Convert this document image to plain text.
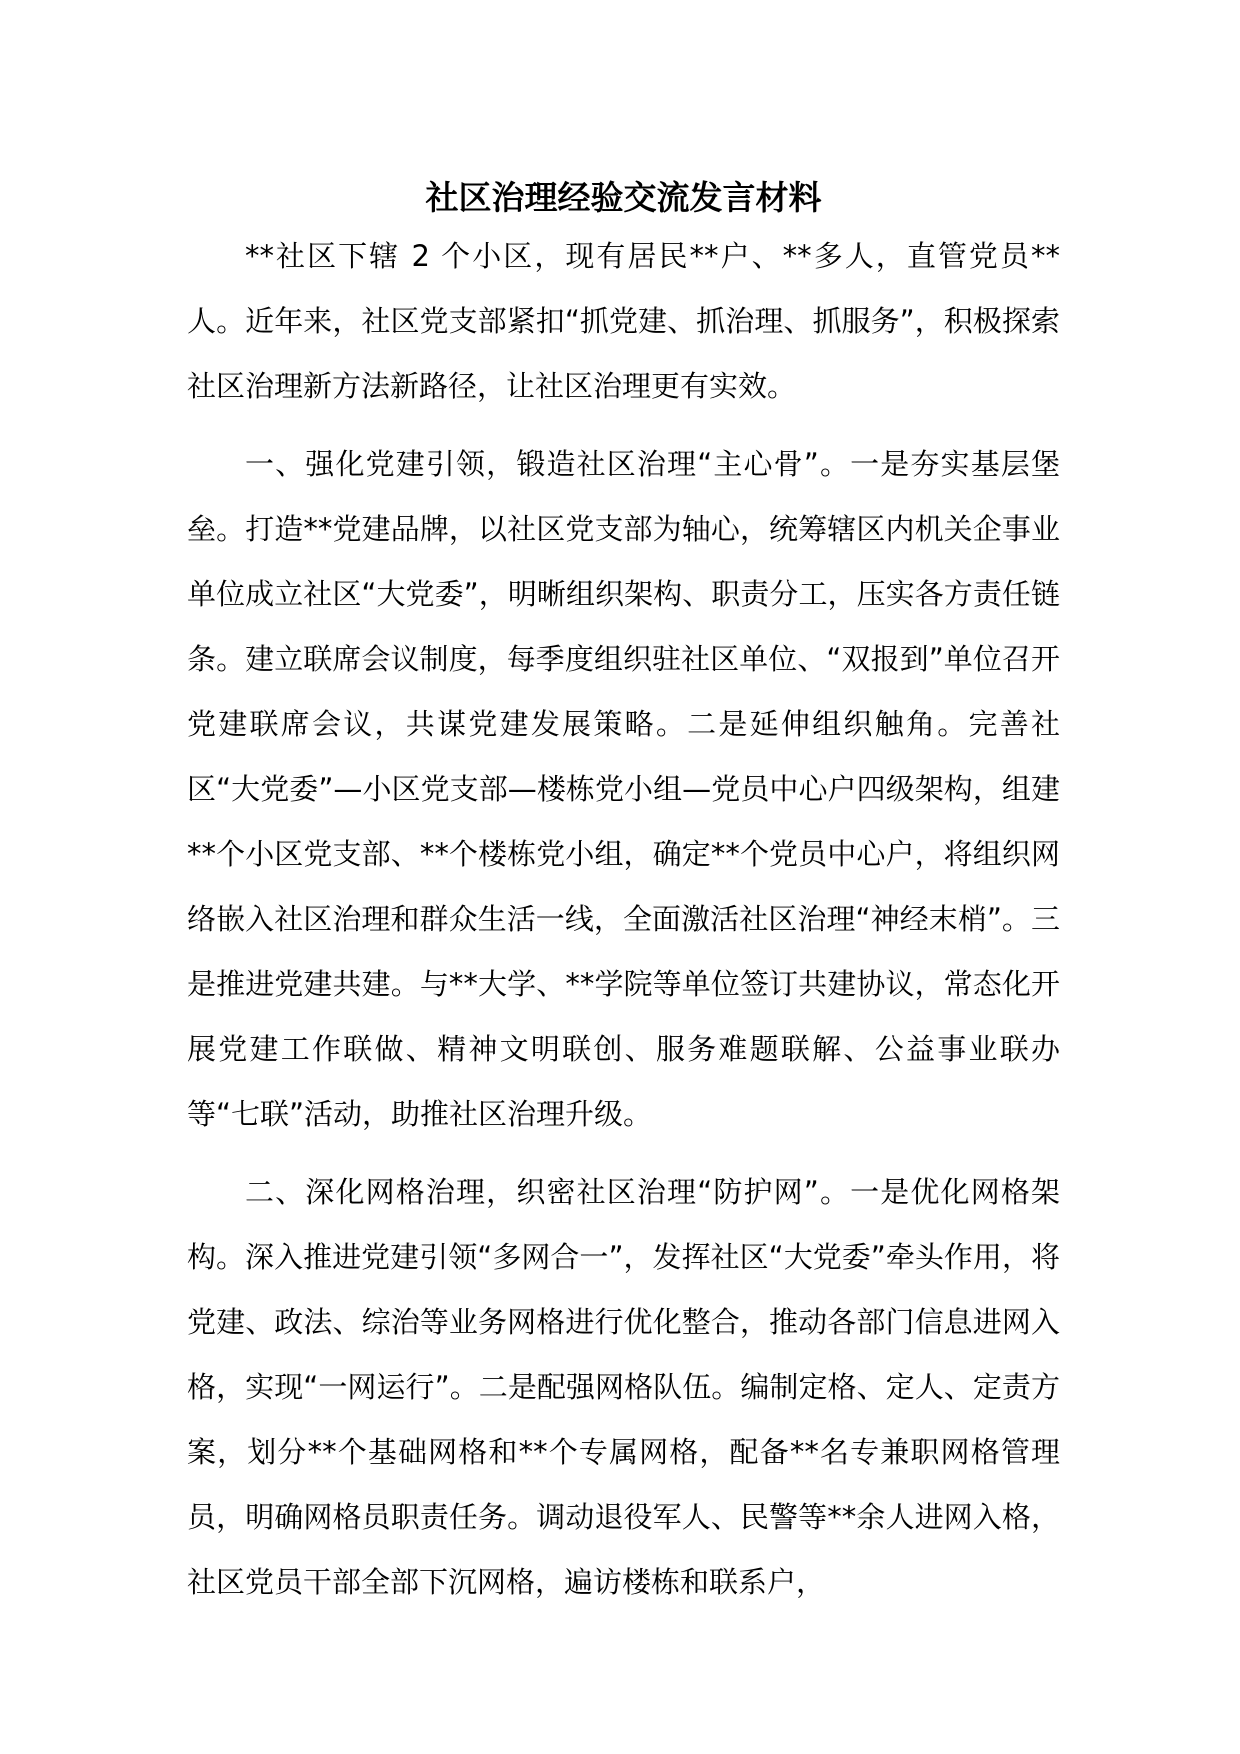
社区治理经验交流发言材料

**社区下辖 2 个小区，现有居民**户、**多人，直管党员**人。近年来，社区党支部紧扣“抓党建、抓治理、抓服务”，积极探索社区治理新方法新路径，让社区治理更有实效。

一、强化党建引领，锻造社区治理“主心骨”。一是夯实基层堡垒。打造**党建品牌，以社区党支部为轴心，统筹辖区内机关企事业单位成立社区“大党委”，明晰组织架构、职责分工，压实各方责任链条。建立联席会议制度，每季度组织驻社区单位、“双报到”单位召开党建联席会议，共谋党建发展策略。二是延伸组织触角。完善社区“大党委”—小区党支部—楼栋党小组—党员中心户四级架构，组建**个小区党支部、**个楼栋党小组，确定**个党员中心户，将组织网络嵌入社区治理和群众生活一线，全面激活社区治理“神经末梢”。三是推进党建共建。与**大学、**学院等单位签订共建协议，常态化开展党建工作联做、精神文明联创、服务难题联解、公益事业联办等“七联”活动，助推社区治理升级。

二、深化网格治理，织密社区治理“防护网”。一是优化网格架构。深入推进党建引领“多网合一”，发挥社区“大党委”牵头作用，将党建、政法、综治等业务网格进行优化整合，推动各部门信息进网入格，实现“一网运行”。二是配强网格队伍。编制定格、定人、定责方案，划分**个基础网格和**个专属网格，配备**名专兼职网格管理员，明确网格员职责任务。调动退役军人、民警等**余人进网入格，社区党员干部全部下沉网格，遍访楼栋和联系户，
